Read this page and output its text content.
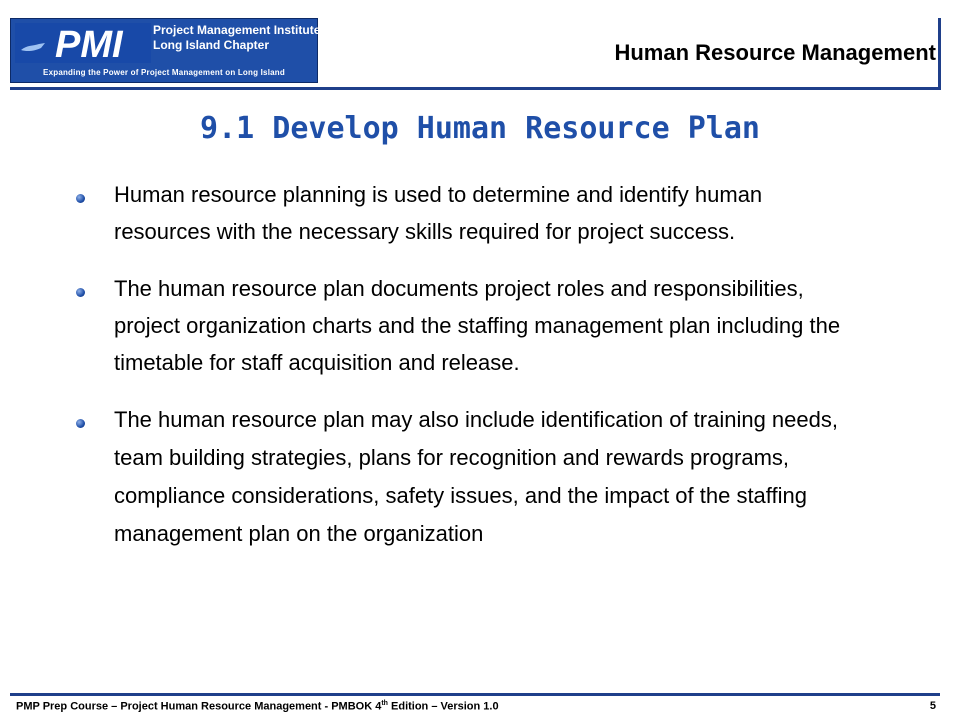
PMI	Project Management Institute
Long Island Chapter
Expanding the Power of Project Management on Long Island
Human Resource Management
9.1 Develop Human Resource Plan
Human resource planning is used to determine and identify human resources with the necessary skills required for project success.
The human resource plan documents project roles and responsibilities, project organization charts and the staffing management plan including the timetable for staff acquisition and release.
The human resource plan may also include identification of training needs, team building strategies, plans for recognition and rewards programs, compliance considerations, safety issues, and the impact of the staffing management plan on the organization
PMP Prep Course – Project Human Resource Management - PMBOK 4th Edition – Version 1.0	5
